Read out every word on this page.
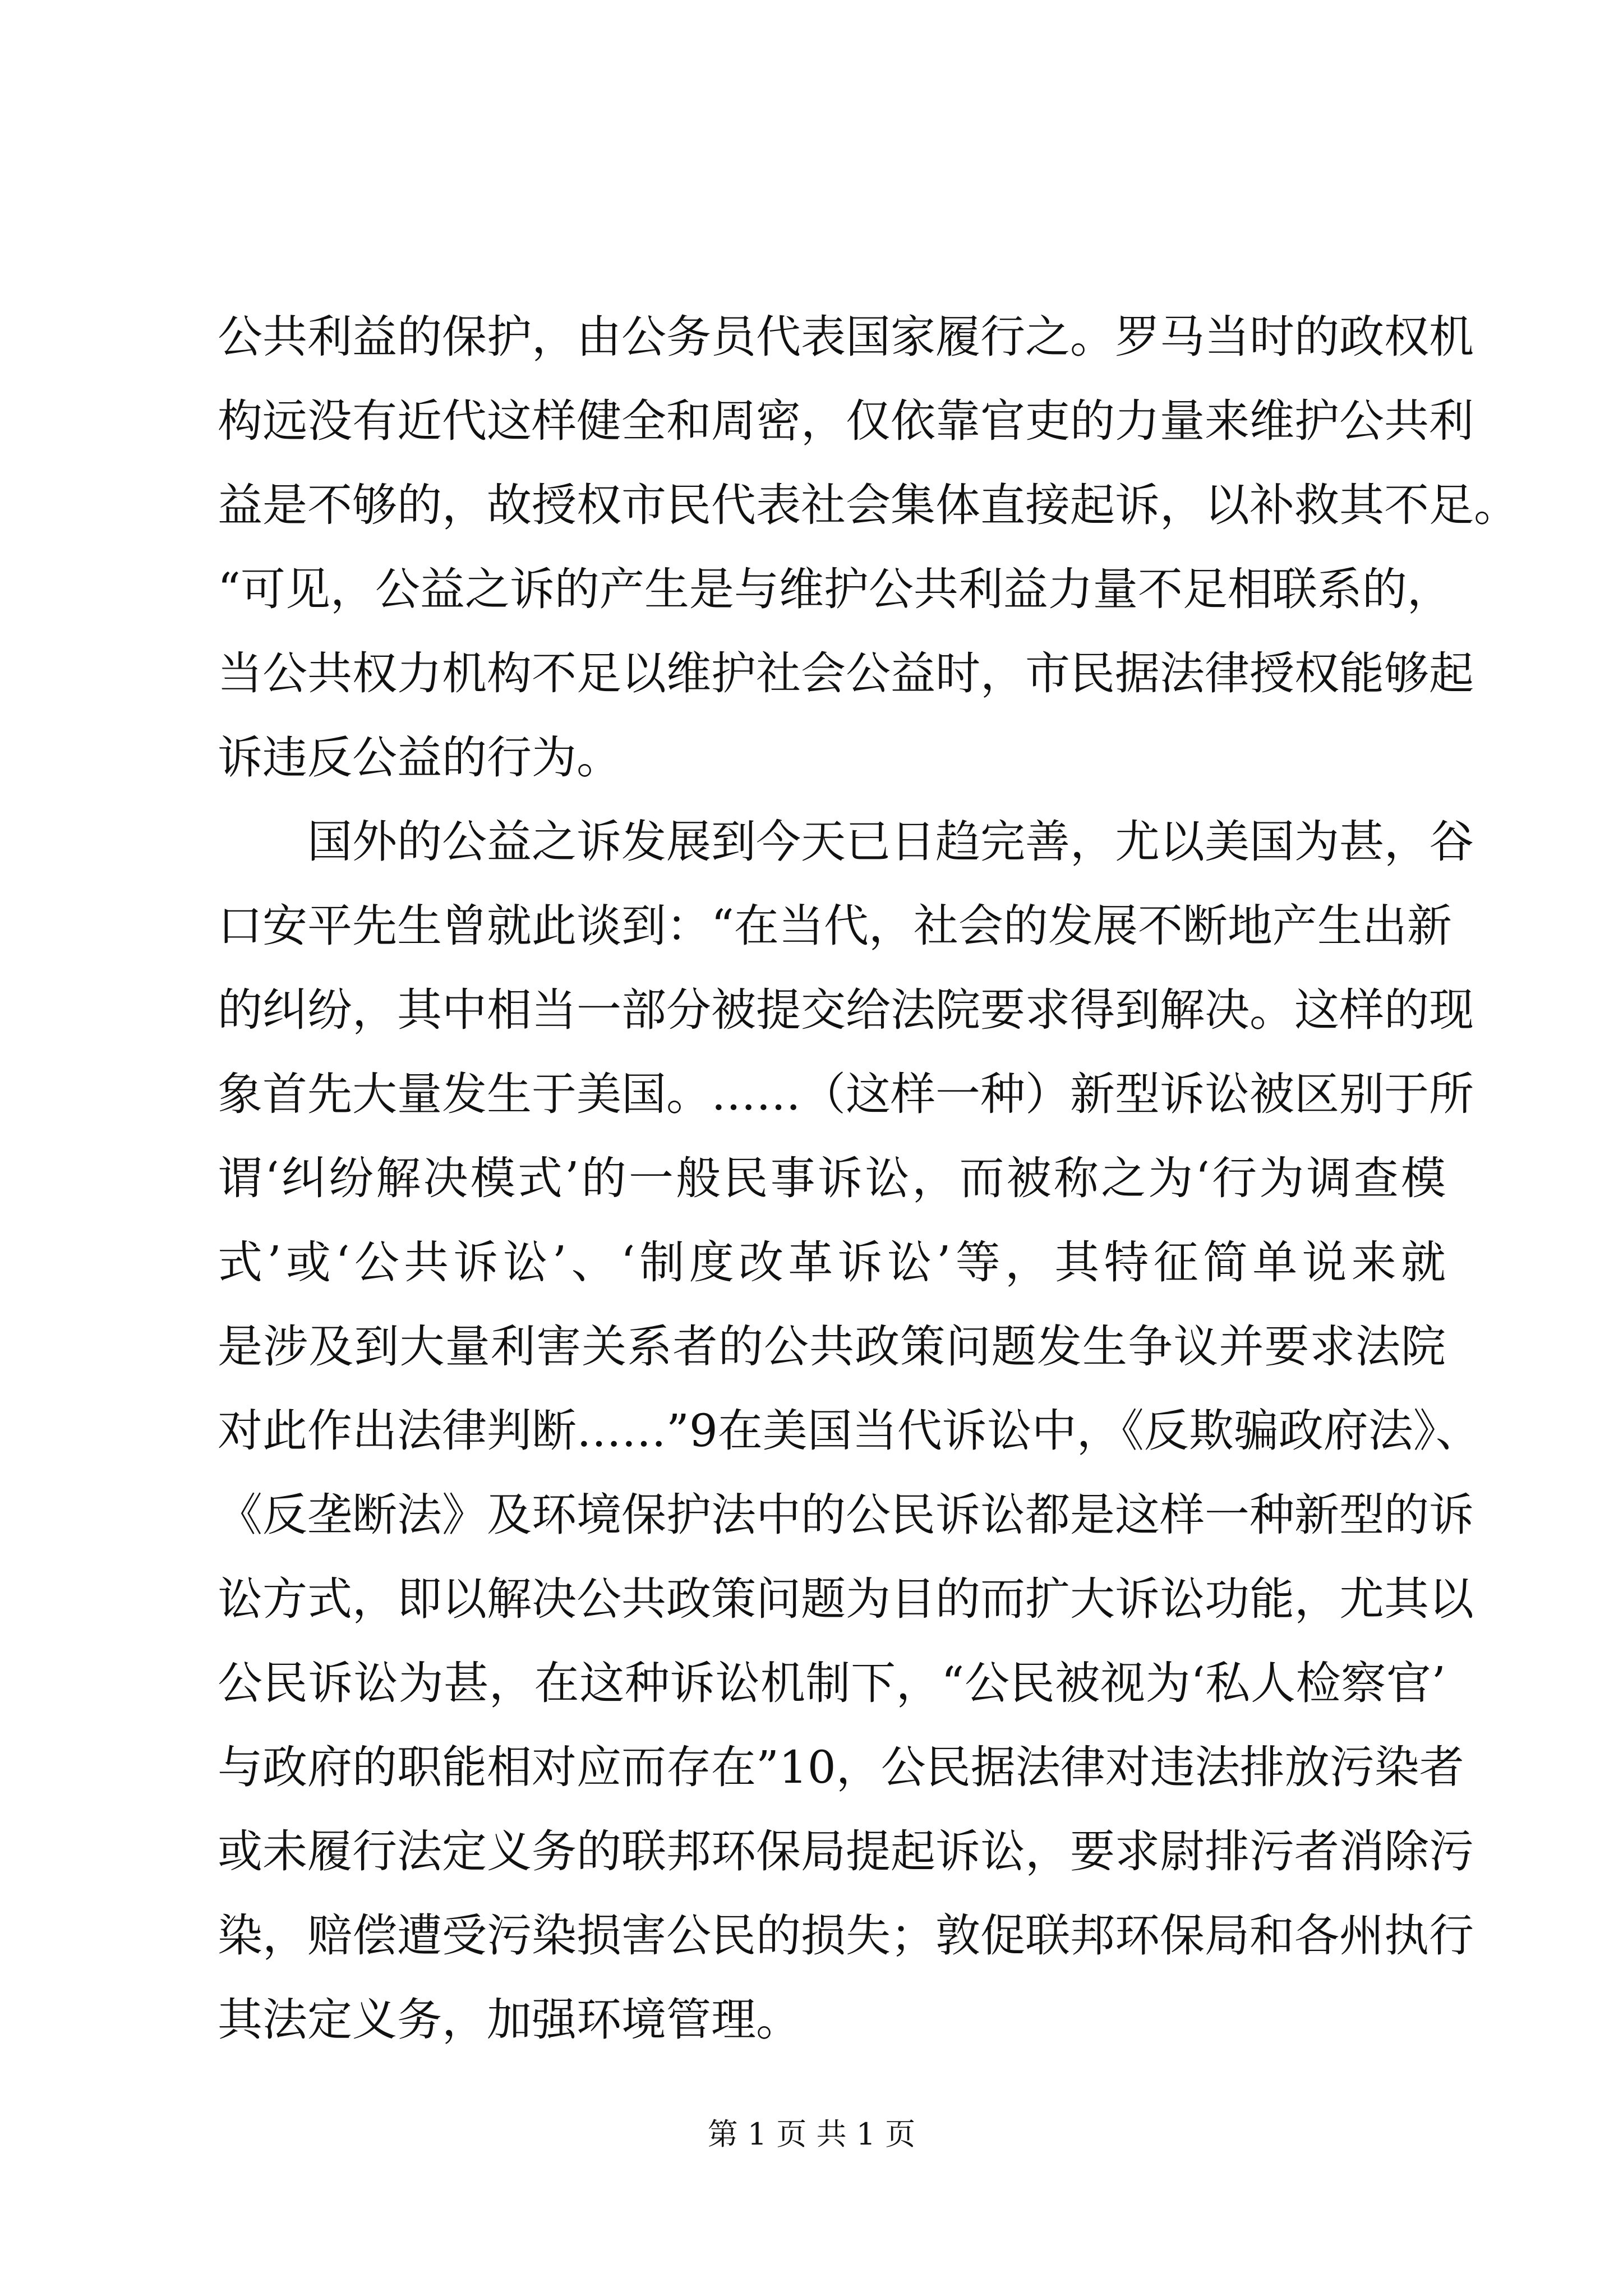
公共利益的保护，由公务员代表国家履行之。罗马当时的政权机
构远没有近代这样健全和周密，仅依靠官吏的力量来维护公共利
益是不够的，故授权市民代表社会集体直接起诉，以补救其不足。
“可见，公益之诉的产生是与维护公共利益力量不足相联系的，
当公共权力机构不足以维护社会公益时，市民据法律授权能够起
诉违反公益的行为。
　　国外的公益之诉发展到今天已日趋完善，尤以美国为甚，谷
口安平先生曾就此谈到：“在当代，社会的发展不断地产生出新
的纠纷，其中相当一部分被提交给法院要求得到解决。这样的现
象首先大量发生于美国。……（这样一种）新型诉讼被区别于所
谓‘纠纷解决模式’的一般民事诉讼，而被称之为‘行为调查模
式’或‘公共诉讼’、‘制度改革诉讼’等，其特征简单说来就
是涉及到大量利害关系者的公共政策问题发生争议并要求法院
对此作出法律判断……”9在美国当代诉讼中，《反欺骗政府法》、
《反垄断法》及环境保护法中的公民诉讼都是这样一种新型的诉
讼方式，即以解决公共政策问题为目的而扩大诉讼功能，尤其以
公民诉讼为甚，在这种诉讼机制下，“公民被视为‘私人检察官’
与政府的职能相对应而存在”10，公民据法律对违法排放污染者
或未履行法定义务的联邦环保局提起诉讼，要求尉排污者消除污
染，赔偿遭受污染损害公民的损失；敦促联邦环保局和各州执行
其法定义务，加强环境管理。
第 1 页 共 1 页
